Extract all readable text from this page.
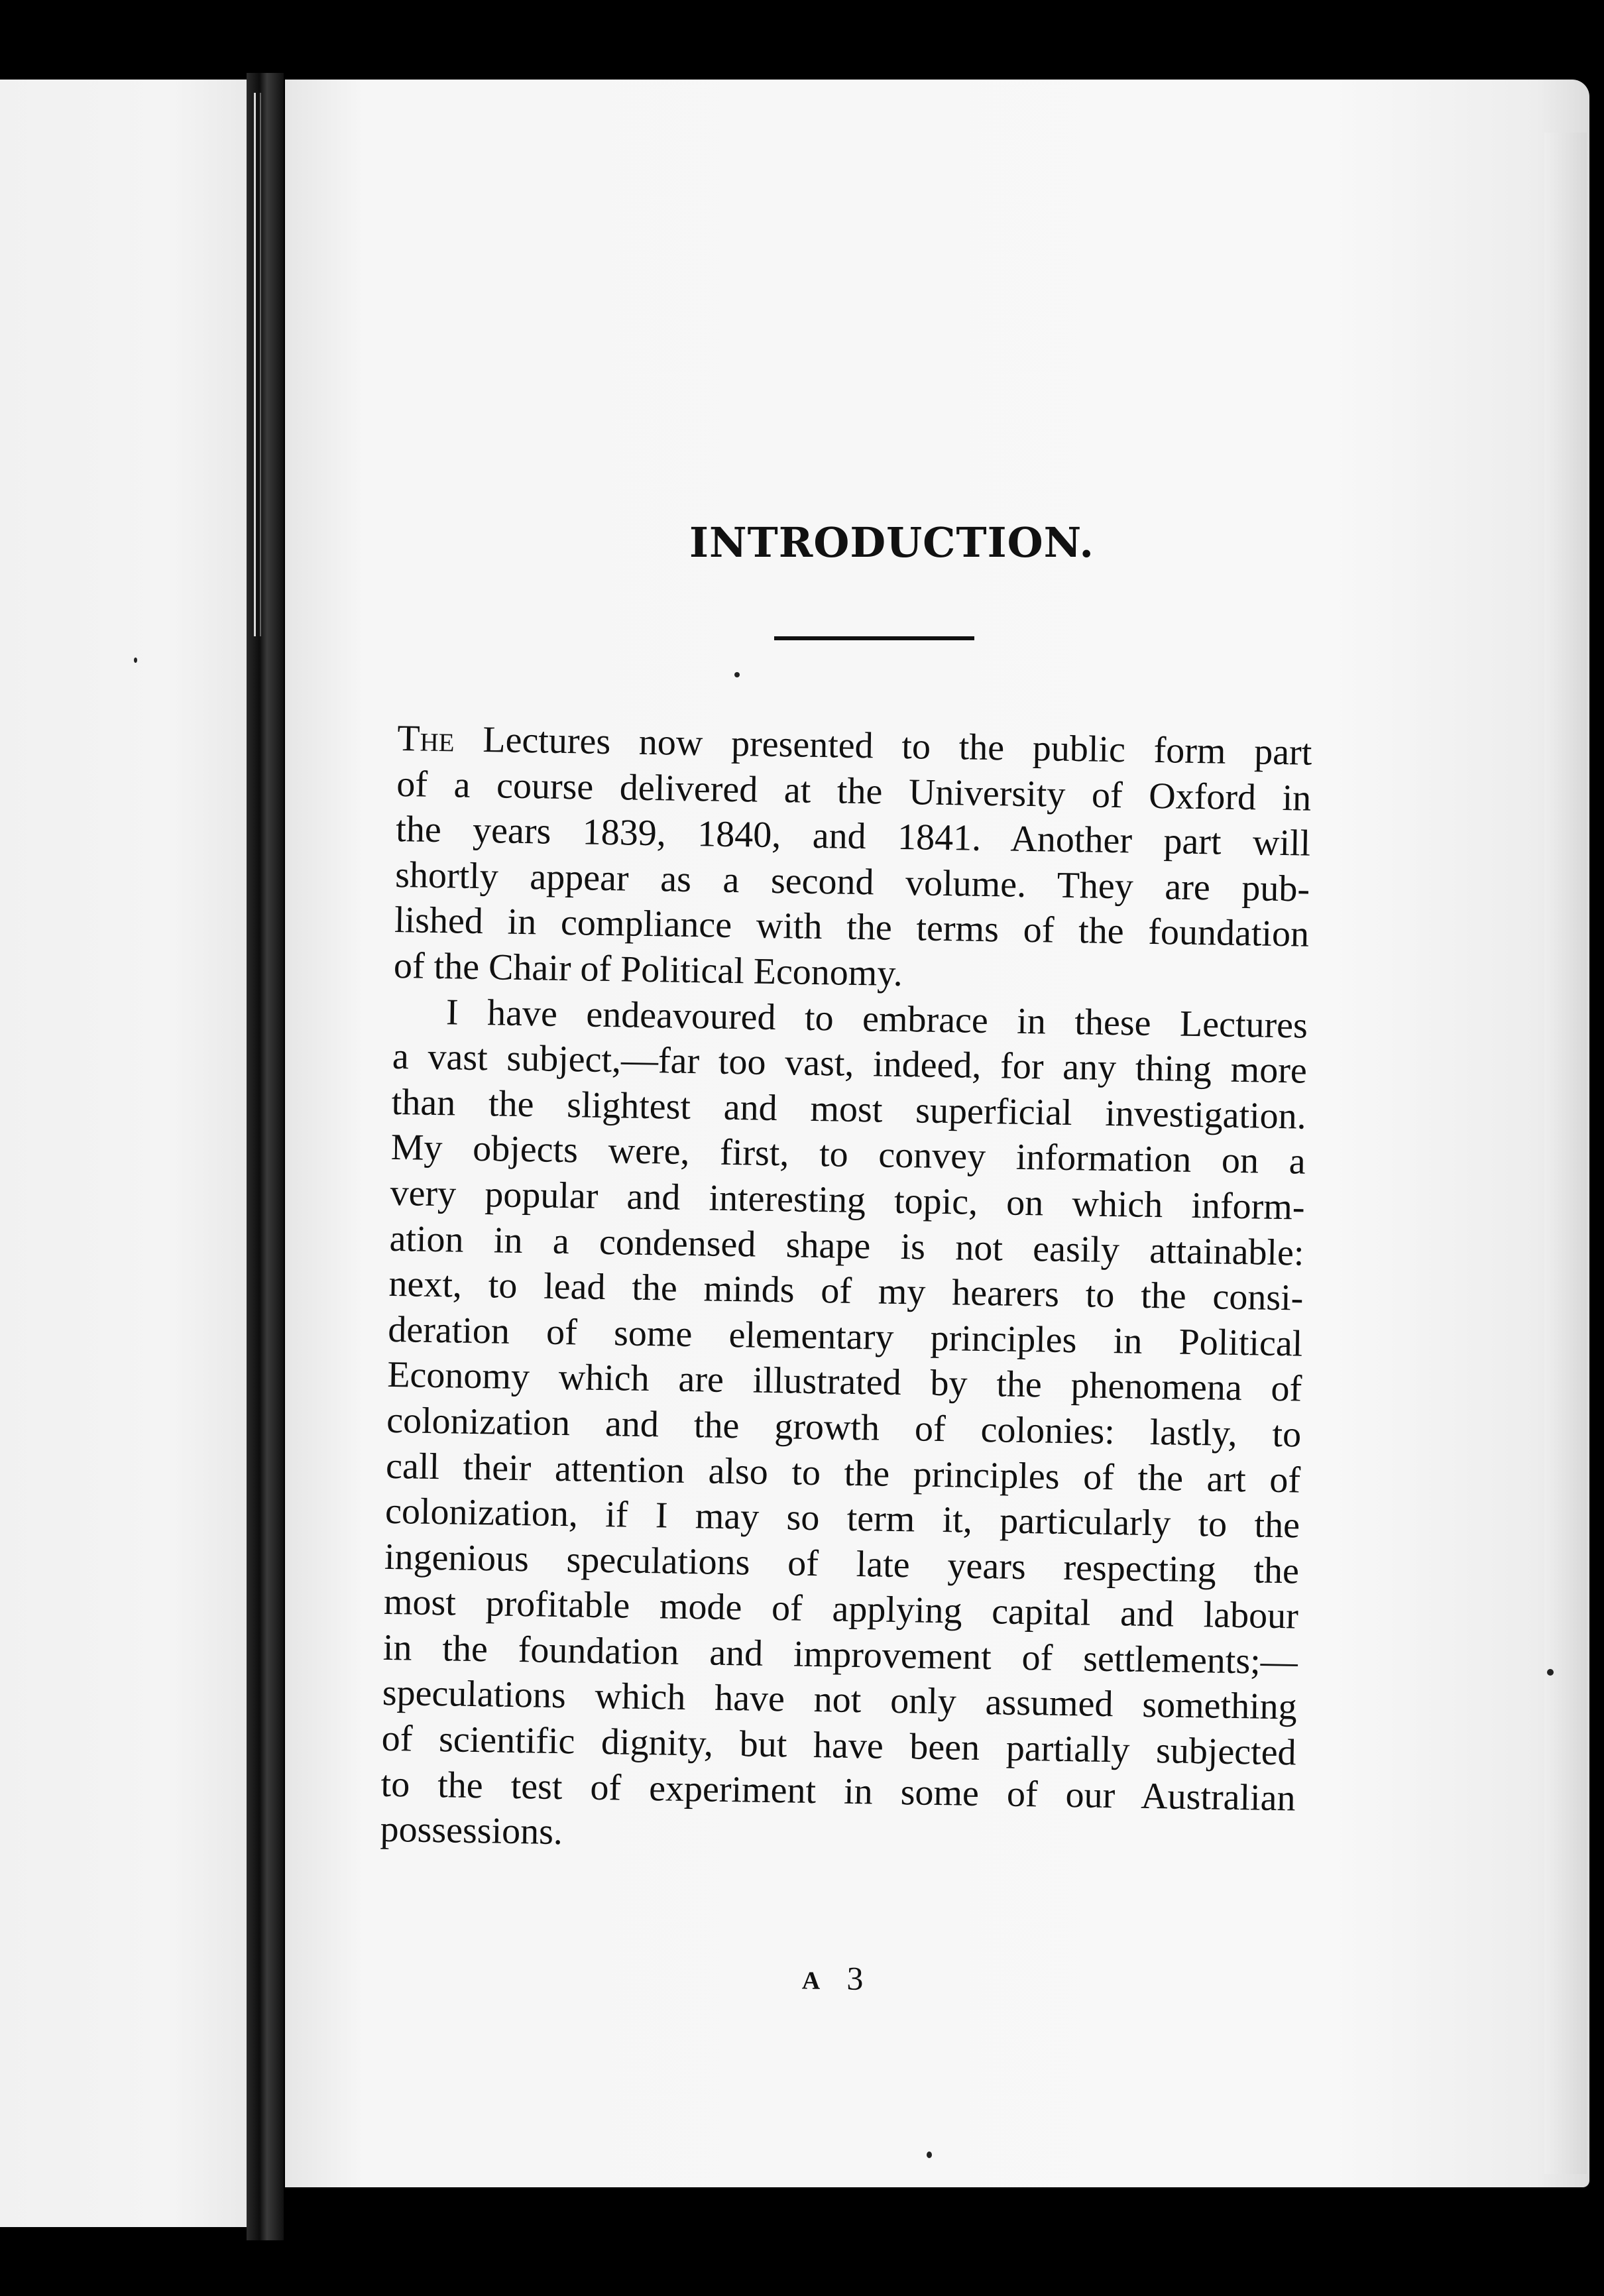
INTRODUCTION.
The Lectures now presented to the public form part
of a course delivered at the University of Oxford in
the years 1839, 1840, and 1841. Another part will
shortly appear as a second volume. They are pub-
lished in compliance with the terms of the foundation
of the Chair of Political Economy.
I have endeavoured to embrace in these Lectures
a vast subject,—far too vast, indeed, for any thing more
than the slightest and most superficial investigation.
My objects were, first, to convey information on a
very popular and interesting topic, on which inform-
ation in a condensed shape is not easily attainable:
next, to lead the minds of my hearers to the consi-
deration of some elementary principles in Political
Economy which are illustrated by the phenomena of
colonization and the growth of colonies: lastly, to
call their attention also to the principles of the art of
colonization, if I may so term it, particularly to the
ingenious speculations of late years respecting the
most profitable mode of applying capital and labour
in the foundation and improvement of settlements;—
speculations which have not only assumed something
of scientific dignity, but have been partially subjected
to the test of experiment in some of our Australian
possessions.

A 3
